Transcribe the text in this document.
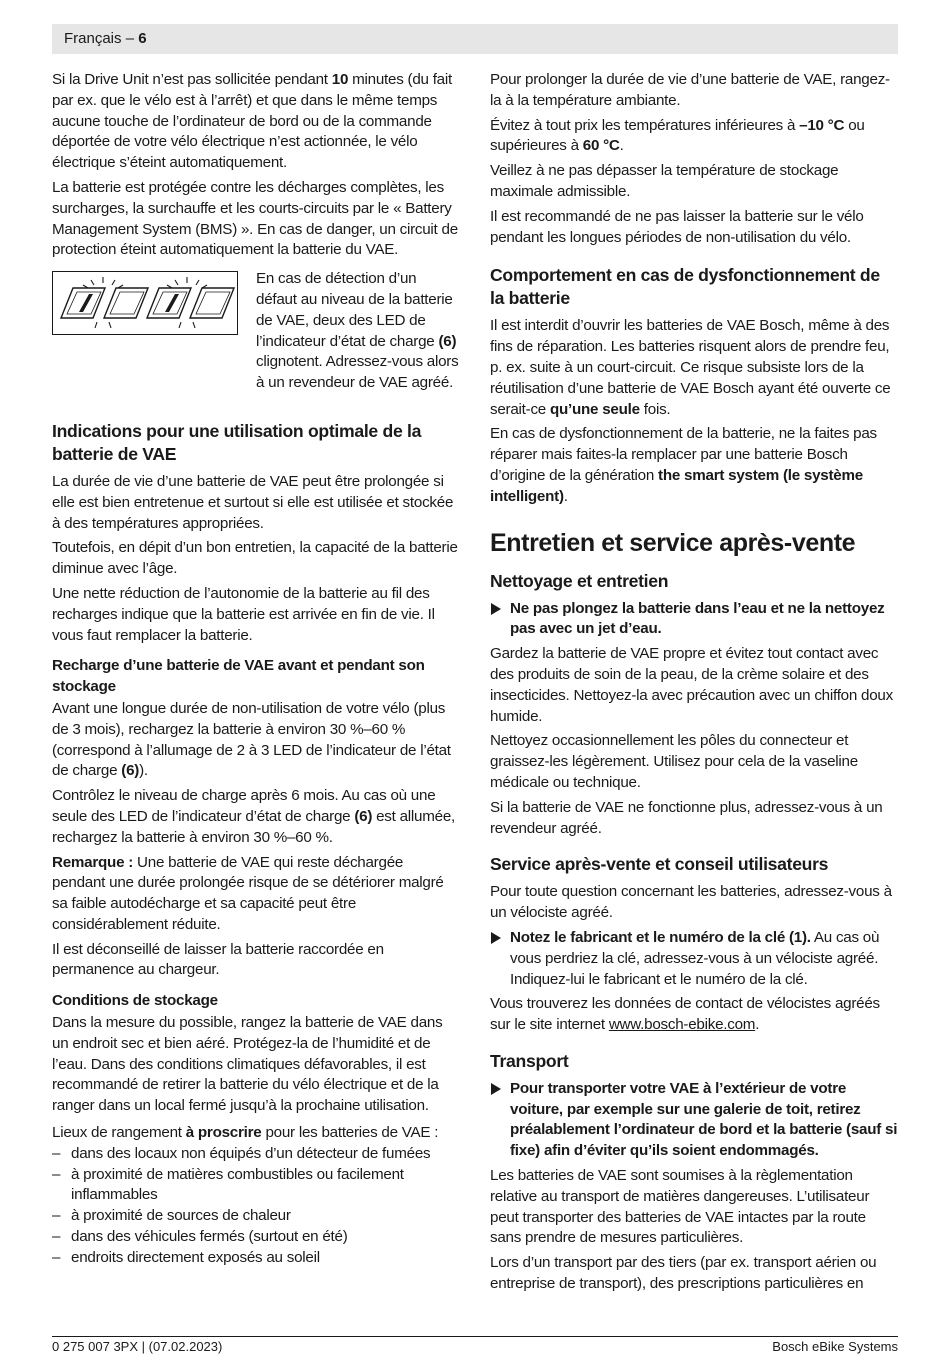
Français – 6

Si la Drive Unit n’est pas sollicitée pendant 10 minutes (du fait par ex. que le vélo est à l’arrêt) et que dans le même temps aucune touche de l’ordinateur de bord ou de la commande déportée de votre vélo électrique n’est actionnée, le vélo électrique s’éteint automatiquement.

La batterie est protégée contre les décharges complètes, les surcharges, la surchauffe et les courts-circuits par le « Battery Management System (BMS) ». En cas de danger, un circuit de protection éteint automatiquement la batterie du VAE.

En cas de détection d’un défaut au niveau de la batterie de VAE, deux des LED de l’indicateur d’état de charge (6) clignotent. Adressez-vous alors à un revendeur de VAE agréé.
Indications pour une utilisation optimale de la batterie de VAE

La durée de vie d’une batterie de VAE peut être prolongée si elle est bien entretenue et surtout si elle est utilisée et stockée à des températures appropriées.

Toutefois, en dépit d’un bon entretien, la capacité de la batterie diminue avec l’âge.

Une nette réduction de l’autonomie de la batterie au fil des recharges indique que la batterie est arrivée en fin de vie. Il vous faut remplacer la batterie.

Recharge d’une batterie de VAE avant et pendant son stockage

Avant une longue durée de non-utilisation de votre vélo (plus de 3 mois), rechargez la batterie à environ 30 %–60 % (correspond à l’allumage de 2 à 3 LED de l’indicateur de l’état de charge (6)).

Contrôlez le niveau de charge après 6 mois. Au cas où une seule des LED de l’indicateur d’état de charge (6) est allumée, rechargez la batterie à environ 30 %–60 %.

Remarque : Une batterie de VAE qui reste déchargée pendant une durée prolongée risque de se détériorer malgré sa faible autodécharge et sa capacité peut être considérablement réduite.

Il est déconseillé de laisser la batterie raccordée en permanence au chargeur.

Conditions de stockage

Dans la mesure du possible, rangez la batterie de VAE dans un endroit sec et bien aéré. Protégez-la de l’humidité et de l’eau. Dans des conditions climatiques défavorables, il est recommandé de retirer la batterie du vélo électrique et de la ranger dans un local fermé jusqu’à la prochaine utilisation.

Lieux de rangement à proscrire pour les batteries de VAE :

– dans des locaux non équipés d’un détecteur de fumées
– à proximité de matières combustibles ou facilement inflammables
– à proximité de sources de chaleur
– dans des véhicules fermés (surtout en été)
– endroits directement exposés au soleil

Pour prolonger la durée de vie d’une batterie de VAE, rangez-la à la température ambiante.

Évitez à tout prix les températures inférieures à –10 °C ou supérieures à 60 °C.

Veillez à ne pas dépasser la température de stockage maximale admissible.

Il est recommandé de ne pas laisser la batterie sur le vélo pendant les longues périodes de non-utilisation du vélo.

Comportement en cas de dysfonctionnement de la batterie

Il est interdit d’ouvrir les batteries de VAE Bosch, même à des fins de réparation. Les batteries risquent alors de prendre feu, p. ex. suite à un court-circuit. Ce risque subsiste lors de la réutilisation d’une batterie de VAE Bosch ayant été ouverte ce serait-ce qu’une seule fois.

En cas de dysfonctionnement de la batterie, ne la faites pas réparer mais faites-la remplacer par une batterie Bosch d’origine de la génération the smart system (le système intelligent).

Entretien et service après-vente
Nettoyage et entretien
Ne pas plongez la batterie dans l’eau et ne la nettoyez pas avec un jet d’eau.

Gardez la batterie de VAE propre et évitez tout contact avec des produits de soin de la peau, de la crème solaire et des insecticides. Nettoyez-la avec précaution avec un chiffon doux humide.

Nettoyez occasionnellement les pôles du connecteur et graissez-les légèrement. Utilisez pour cela de la vaseline médicale ou technique.

Si la batterie de VAE ne fonctionne plus, adressez-vous à un revendeur agréé.

Service après-vente et conseil utilisateurs

Pour toute question concernant les batteries, adressez-vous à un vélociste agréé.

Notez le fabricant et le numéro de la clé (1). Au cas où vous perdriez la clé, adressez-vous à un vélociste agréé. Indiquez-lui le fabricant et le numéro de la clé.

Vous trouverez les données de contact de vélocistes agréés sur le site internet www.bosch-ebike.com.

Transport
Pour transporter votre VAE à l’extérieur de votre voiture, par exemple sur une galerie de toit, retirez préalablement l’ordinateur de bord et la batterie (sauf si fixe) afin d’éviter qu’ils soient endommagés.

Les batteries de VAE sont soumises à la règlementation relative au transport de matières dangereuses. L’utilisateur peut transporter des batteries de VAE intactes par la route sans prendre de mesures particulières.

Lors d’un transport par des tiers (par ex. transport aérien ou entreprise de transport), des prescriptions particulières en

0 275 007 3PX | (07.02.2023)	Bosch eBike Systems
